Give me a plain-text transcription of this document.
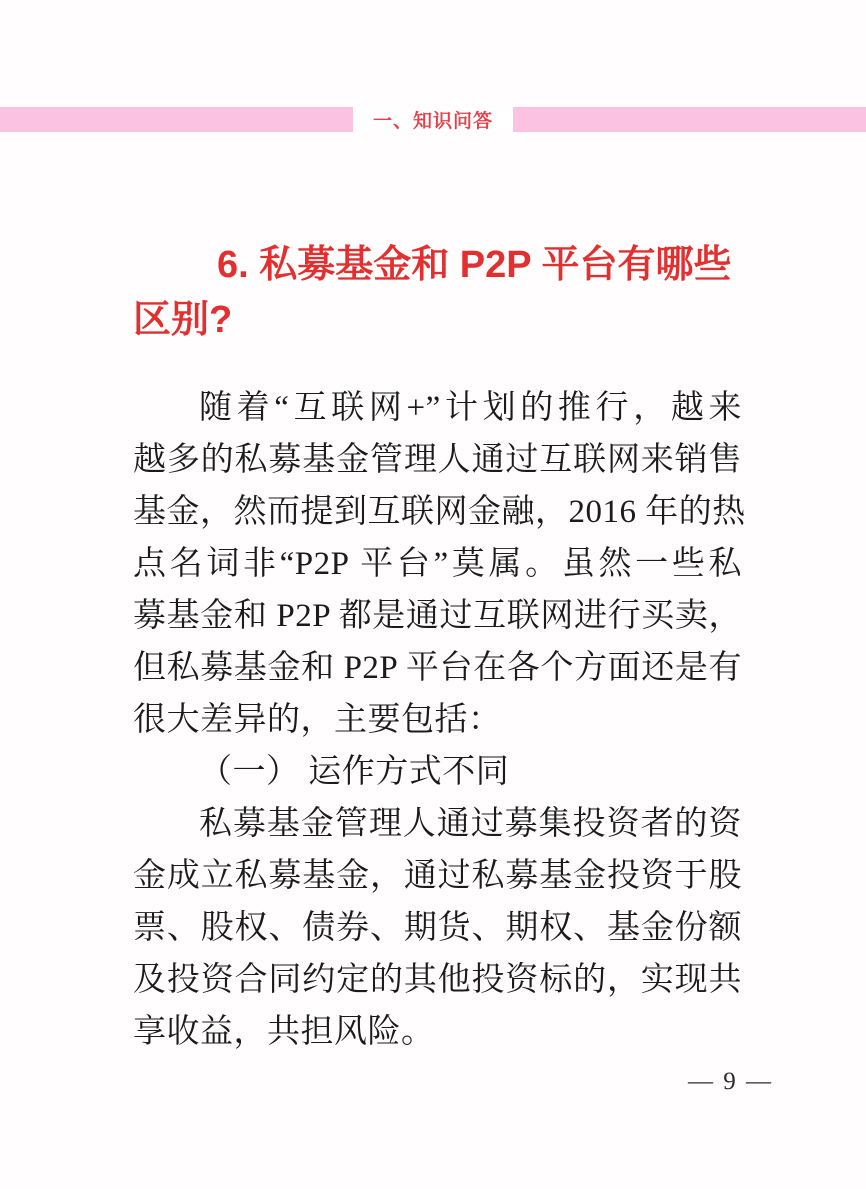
一、知识问答
6. 私募基金和 P2P 平台有哪些
区别?
随着“互联网+”计划的推行，越来
越多的私募基金管理人通过互联网来销售
基金，然而提到互联网金融，2016 年的热
点名词非“P2P 平台”莫属。虽然一些私
募基金和 P2P 都是通过互联网进行买卖，
但私募基金和 P2P 平台在各个方面还是有
很大差异的，主要包括：
（一） 运作方式不同
私募基金管理人通过募集投资者的资
金成立私募基金，通过私募基金投资于股
票、股权、债券、期货、期权、基金份额
及投资合同约定的其他投资标的，实现共
享收益，共担风险。
— 9 —
